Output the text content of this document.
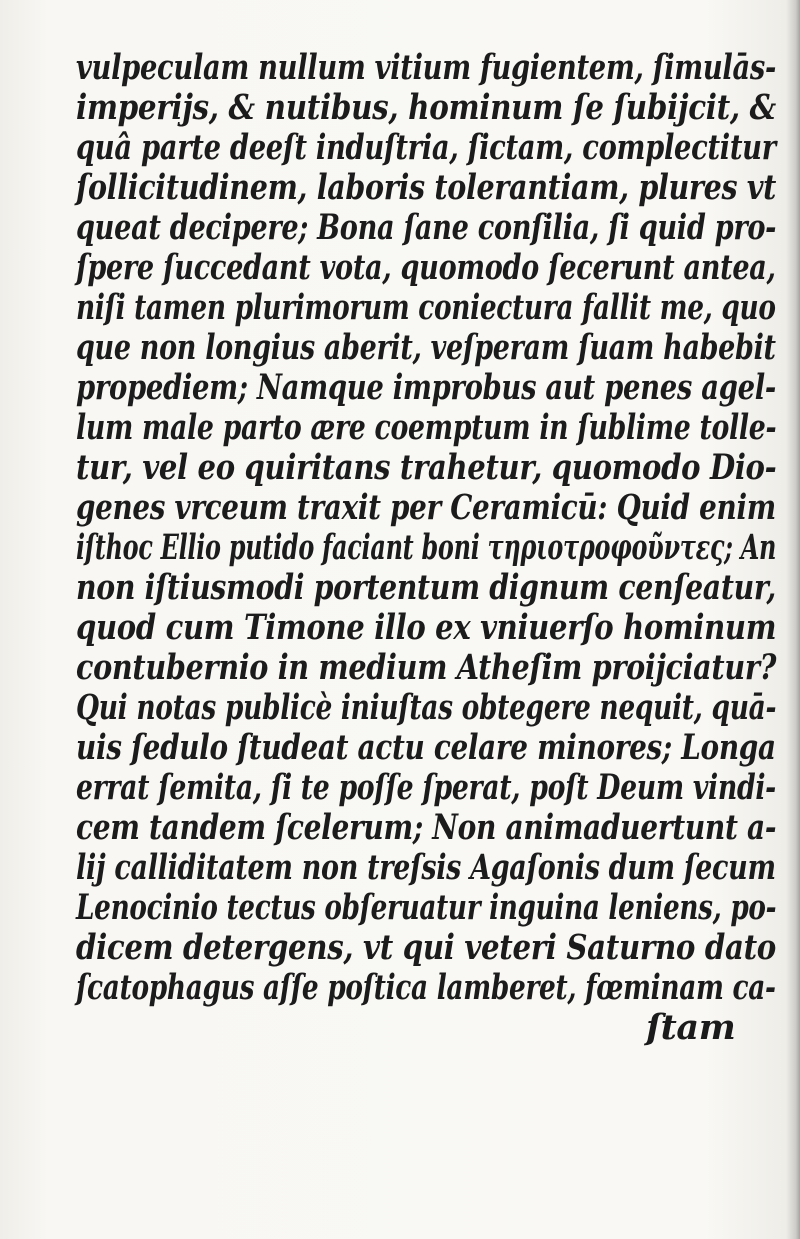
vulpeculam nullum vitium fugientem, ſimulās-

imperijs, & nutibus, hominum ſe ſubijcit, &

quâ parte deeſt induſtria, ſictam, complectitur

ſollicitudinem, laboris tolerantiam, plures vt

queat decipere; Bona ſane conſilia, ſi quid pro-

ſpere ſuccedant vota, quomodo ſecerunt antea,

niſi tamen plurimorum coniectura fallit me, quo

que non longius aberit, veſperam ſuam habebit

propediem; Namque improbus aut penes agel-

lum male parto ære coemptum in ſublime tolle-

tur, vel eo quiritans trahetur, quomodo Dio-

genes vrceum traxit per Ceramicū: Quid enim

iſthoc Ellio putido faciant boni τηριοτροφοῦντες; An

non iſtiusmodi portentum dignum cenſeatur,

quod cum Timone illo ex vniuerſo hominum

contubernio in medium Atheſim proijciatur?

Qui notas publicè iniuſtas obtegere nequit, quā-

uis ſedulo ſtudeat actu celare minores; Longa

errat ſemita, ſi te poſſe ſperat, poſt Deum vindi-

cem tandem ſcelerum; Non animaduertunt a-

lij calliditatem non treſsis Agaſonis dum ſecum

Lenocinio tectus obſeruatur inguina leniens, po-

dicem detergens, vt qui veteri Saturno dato

ſcatophagus aſſe poſtica lamberet, fœminam ca-

ſtam
